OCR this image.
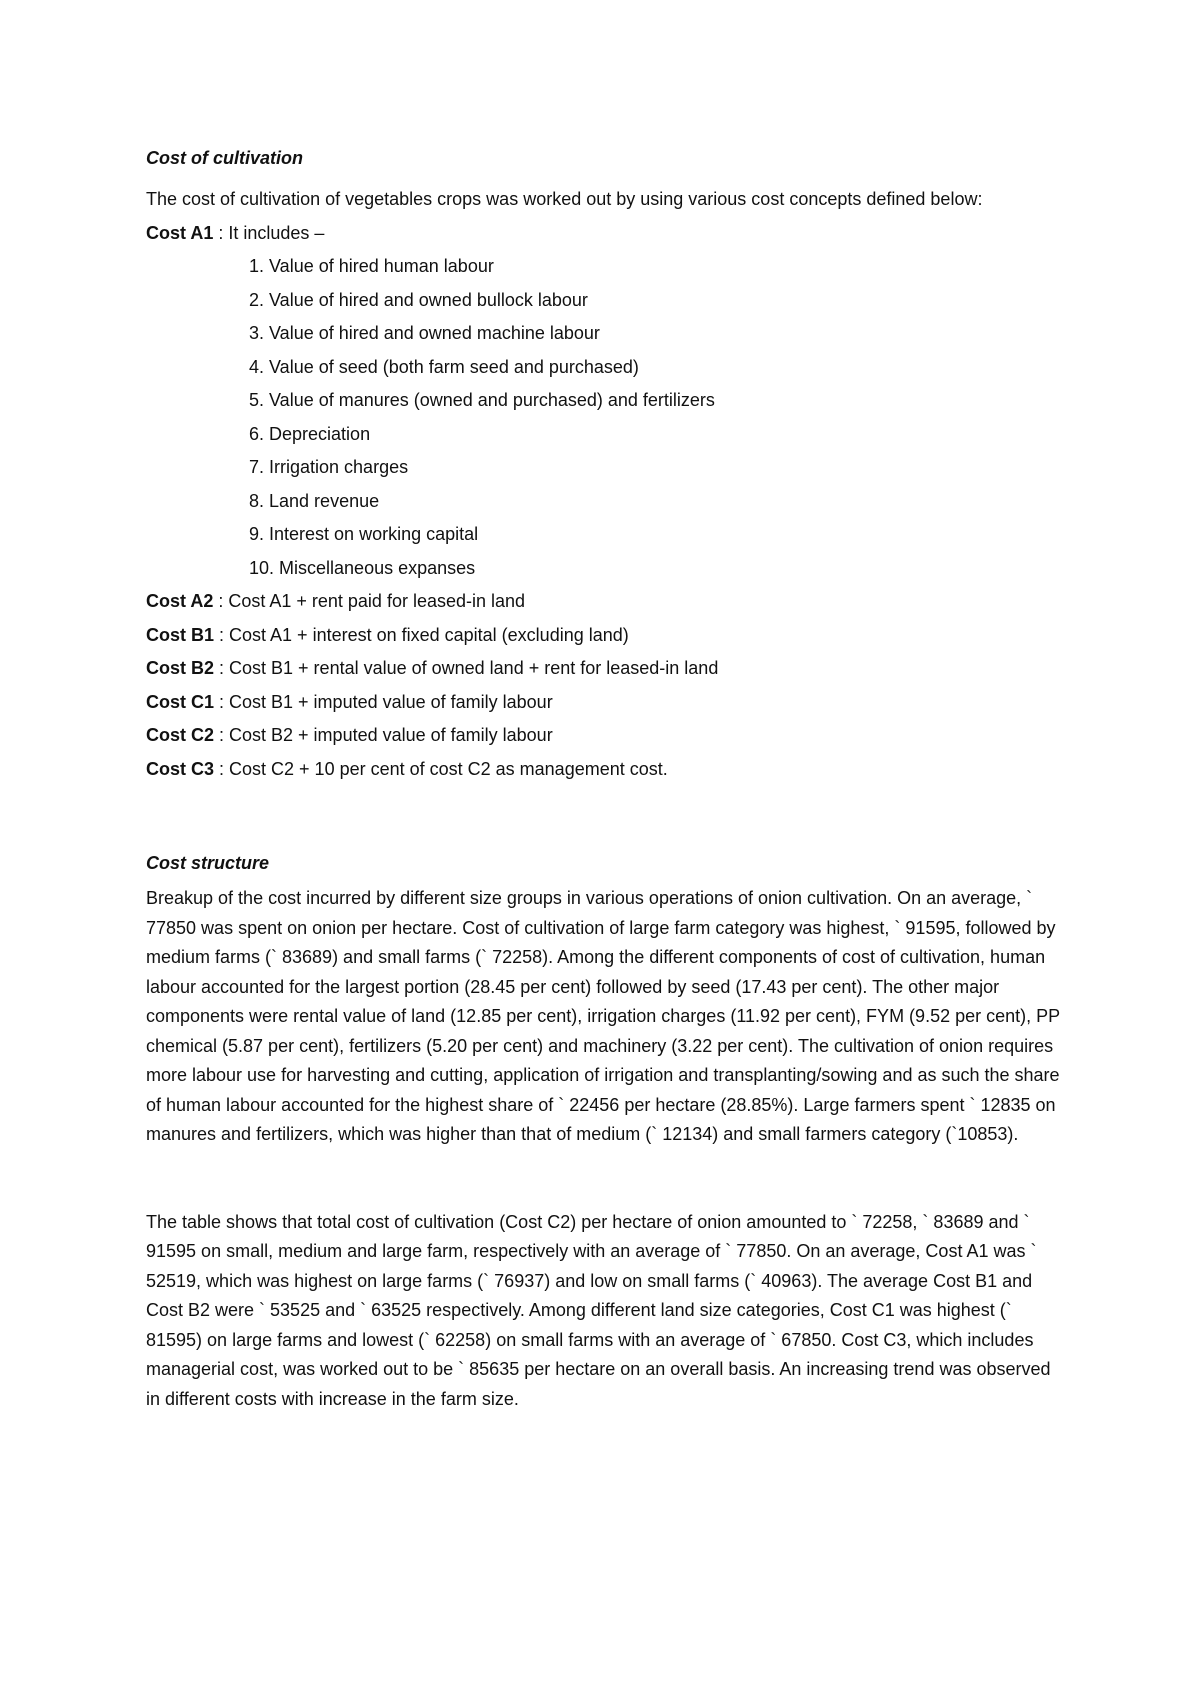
Cost of cultivation

The cost of cultivation of vegetables crops was worked out by using various cost concepts defined below:

Cost A1 : It includes –

1. Value of hired human labour
2. Value of hired and owned bullock labour
3. Value of hired and owned machine labour
4. Value of seed (both farm seed and purchased)
5. Value of manures (owned and purchased) and fertilizers
6. Depreciation
7. Irrigation charges
8. Land revenue
9. Interest on working capital
10. Miscellaneous expanses

Cost A2 : Cost A1 + rent paid for leased-in land

Cost B1 : Cost A1 + interest on fixed capital (excluding land)

Cost B2 : Cost B1 + rental value of owned land + rent for leased-in land

Cost C1 : Cost B1 + imputed value of family labour

Cost C2 : Cost B2 + imputed value of family labour

Cost C3 : Cost C2 + 10 per cent of cost C2 as management cost.

Cost structure

Breakup of the cost incurred by different size groups in various operations of onion cultivation. On an average, ` 77850 was spent on onion per hectare. Cost of cultivation of large farm category was highest, ` 91595, followed by medium farms (` 83689) and small farms (` 72258). Among the different components of cost of cultivation, human labour accounted for the largest portion (28.45 per cent) followed by seed (17.43 per cent). The other major components were rental value of land (12.85 per cent), irrigation charges (11.92 per cent), FYM (9.52 per cent), PP chemical (5.87 per cent), fertilizers (5.20 per cent) and machinery (3.22 per cent). The cultivation of onion requires more labour use for harvesting and cutting, application of irrigation and transplanting/sowing and as such the share of human labour accounted for the highest share of ` 22456 per hectare (28.85%). Large farmers spent ` 12835 on manures and fertilizers, which was higher than that of medium (` 12134) and small farmers category (`10853).

The table shows that total cost of cultivation (Cost C2) per hectare of onion amounted to ` 72258, ` 83689 and ` 91595 on small, medium and large farm, respectively with an average of ` 77850. On an average, Cost A1 was ` 52519, which was highest on large farms (` 76937) and low on small farms (` 40963). The average Cost B1 and Cost B2 were ` 53525 and ` 63525 respectively. Among different land size categories, Cost C1 was highest (` 81595) on large farms and lowest (` 62258) on small farms with an average of ` 67850. Cost C3, which includes managerial cost, was worked out to be ` 85635 per hectare on an overall basis. An increasing trend was observed in different costs with increase in the farm size.
